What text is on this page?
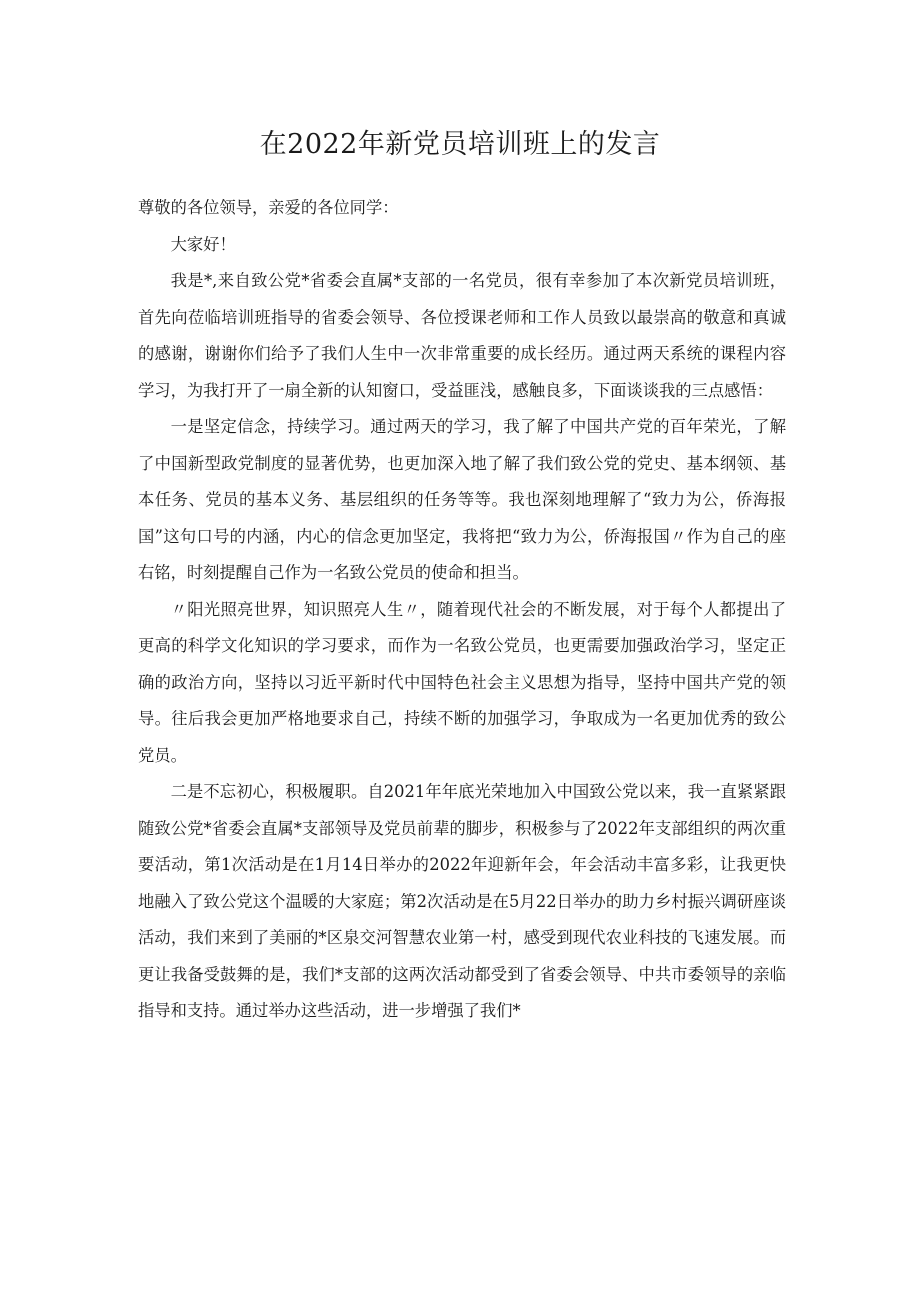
在2022年新党员培训班上的发言

尊敬的各位领导，亲爱的各位同学：

大家好！

我是*,来自致公党*省委会直属*支部的一名党员，很有幸参加了本次新党员培训班，首先向莅临培训班指导的省委会领导、各位授课老师和工作人员致以最崇高的敬意和真诚的感谢，谢谢你们给予了我们人生中一次非常重要的成长经历。通过两天系统的课程内容学习，为我打开了一扇全新的认知窗口，受益匪浅，感触良多，下面谈谈我的三点感悟：

一是坚定信念，持续学习。通过两天的学习，我了解了中国共产党的百年荣光，了解了中国新型政党制度的显著优势，也更加深入地了解了我们致公党的党史、基本纲领、基本任务、党员的基本义务、基层组织的任务等等。我也深刻地理解了“致力为公，侨海报国”这句口号的内涵，内心的信念更加坚定，我将把“致力为公，侨海报国〃作为自己的座右铭，时刻提醒自己作为一名致公党员的使命和担当。

〃阳光照亮世界，知识照亮人生〃，随着现代社会的不断发展，对于每个人都提出了更高的科学文化知识的学习要求，而作为一名致公党员，也更需要加强政治学习，坚定正确的政治方向，坚持以习近平新时代中国特色社会主义思想为指导，坚持中国共产党的领导。往后我会更加严格地要求自己，持续不断的加强学习，争取成为一名更加优秀的致公党员。

二是不忘初心，积极履职。自2021年年底光荣地加入中国致公党以来，我一直紧紧跟随致公党*省委会直属*支部领导及党员前辈的脚步，积极参与了2022年支部组织的两次重要活动，第1次活动是在1月14日举办的2022年迎新年会，年会活动丰富多彩，让我更快地融入了致公党这个温暖的大家庭；第2次活动是在5月22日举办的助力乡村振兴调研座谈活动，我们来到了美丽的*区泉交河智慧农业第一村，感受到现代农业科技的飞速发展。而更让我备受鼓舞的是，我们*支部的这两次活动都受到了省委会领导、中共市委领导的亲临指导和支持。通过举办这些活动，进一步增强了我们*
